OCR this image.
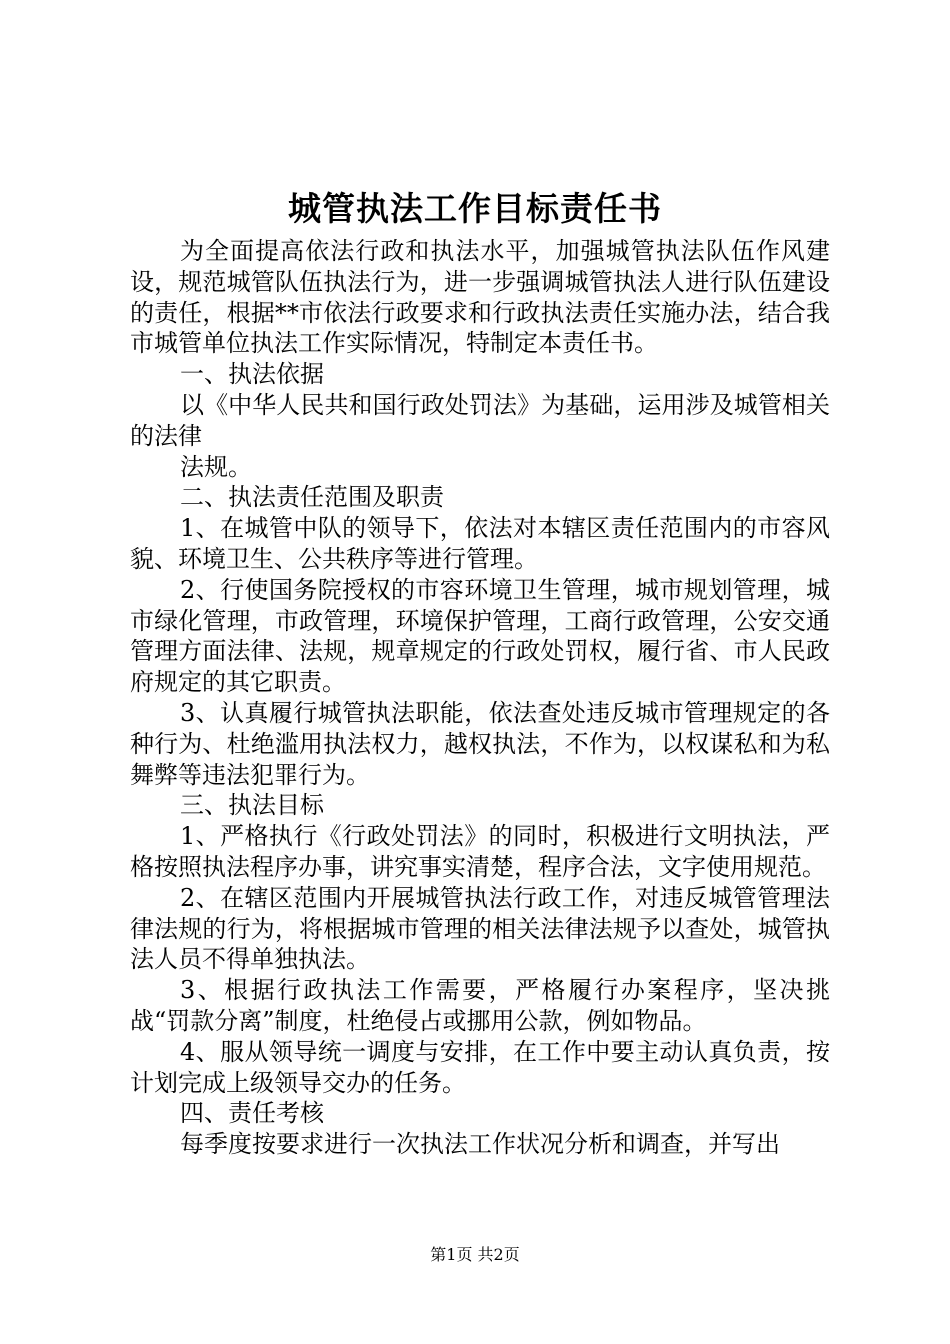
城管执法工作目标责任书

为全面提高依法行政和执法水平，加强城管执法队伍作风建设，规范城管队伍执法行为，进一步强调城管执法人进行队伍建设的责任，根据**市依法行政要求和行政执法责任实施办法，结合我市城管单位执法工作实际情况，特制定本责任书。

一、执法依据

以《中华人民共和国行政处罚法》为基础，运用涉及城管相关的法律

法规。

二、执法责任范围及职责

1、在城管中队的领导下，依法对本辖区责任范围内的市容风貌、环境卫生、公共秩序等进行管理。

2、行使国务院授权的市容环境卫生管理，城市规划管理，城市绿化管理，市政管理，环境保护管理，工商行政管理，公安交通管理方面法律、法规，规章规定的行政处罚权，履行省、市人民政府规定的其它职责。

3、认真履行城管执法职能，依法查处违反城市管理规定的各种行为、杜绝滥用执法权力，越权执法，不作为，以权谋私和为私舞弊等违法犯罪行为。

三、执法目标

1、严格执行《行政处罚法》的同时，积极进行文明执法，严格按照执法程序办事，讲究事实清楚，程序合法，文字使用规范。

2、在辖区范围内开展城管执法行政工作，对违反城管管理法律法规的行为，将根据城市管理的相关法律法规予以查处，城管执法人员不得单独执法。

3、根据行政执法工作需要，严格履行办案程序，坚决挑战“罚款分离”制度，杜绝侵占或挪用公款，例如物品。

4、服从领导统一调度与安排，在工作中要主动认真负责，按计划完成上级领导交办的任务。

四、责任考核

每季度按要求进行一次执法工作状况分析和调查，并写出

第1页 共2页
